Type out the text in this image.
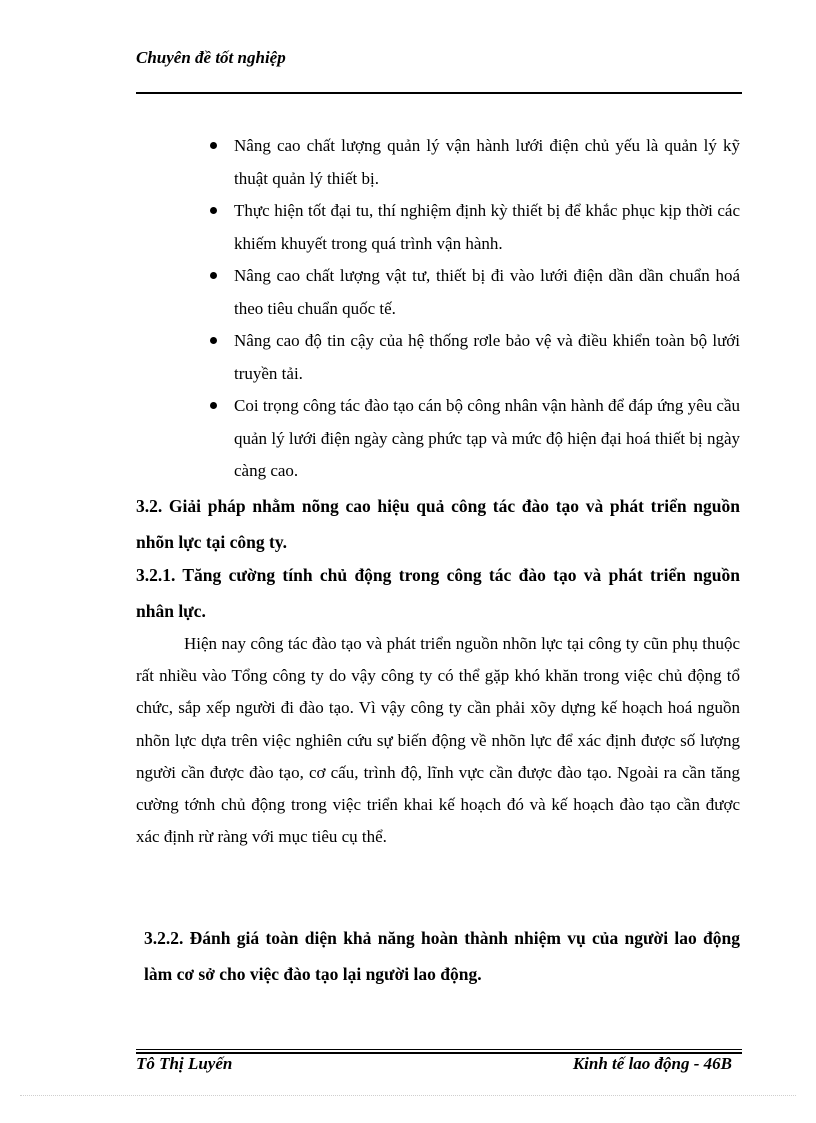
Chuyên đề tốt nghiệp
Nâng cao chất lượng quản lý vận hành lưới điện chủ yếu là quản lý kỹ thuật quản lý thiết bị.
Thực hiện tốt đại tu, thí nghiệm định kỳ thiết bị để khắc phục kịp thời các khiếm khuyết trong quá trình vận hành.
Nâng cao chất lượng vật tư, thiết bị đi vào lưới điện dần dần chuẩn hoá theo tiêu chuẩn quốc tế.
Nâng cao độ tin cậy của hệ thống rơle bảo vệ và điều khiển toàn bộ lưới truyền tải.
Coi trọng công tác đào tạo cán bộ công nhân vận hành để đáp ứng yêu cầu quản lý lưới điện ngày càng phức tạp và mức độ hiện đại hoá thiết bị ngày càng cao.
3.2. Giải pháp nhằm nõng cao hiệu quả công tác đào tạo và phát triển nguồn nhõn lực tại công ty.
3.2.1. Tăng cường tính chủ động trong công tác đào tạo và phát triển nguồn nhân lực.

Hiện nay công tác đào tạo và phát triển nguồn nhõn lực tại công ty cũn phụ thuộc rất nhiều vào Tổng công ty do vậy công ty có thể gặp khó khăn trong việc chủ động tổ chức, sắp xếp người đi đào tạo. Vì vậy công ty cần phải xõy dựng kế hoạch hoá nguồn nhõn lực dựa trên việc nghiên cứu sự biến động về nhõn lực để xác định được số lượng người cần được đào tạo, cơ cấu, trình độ, lĩnh vực cần được đào tạo. Ngoài ra cần tăng cường tớnh chủ động trong việc triển khai kế hoạch đó và kế hoạch đào tạo cần được xác định rừ ràng với mục tiêu cụ thể.

3.2.2. Đánh giá toàn diện khả năng hoàn thành nhiệm vụ của người lao động làm cơ sở cho việc đào tạo lại người lao động.
Tô Thị Luyến	Kinh tế lao động - 46B
